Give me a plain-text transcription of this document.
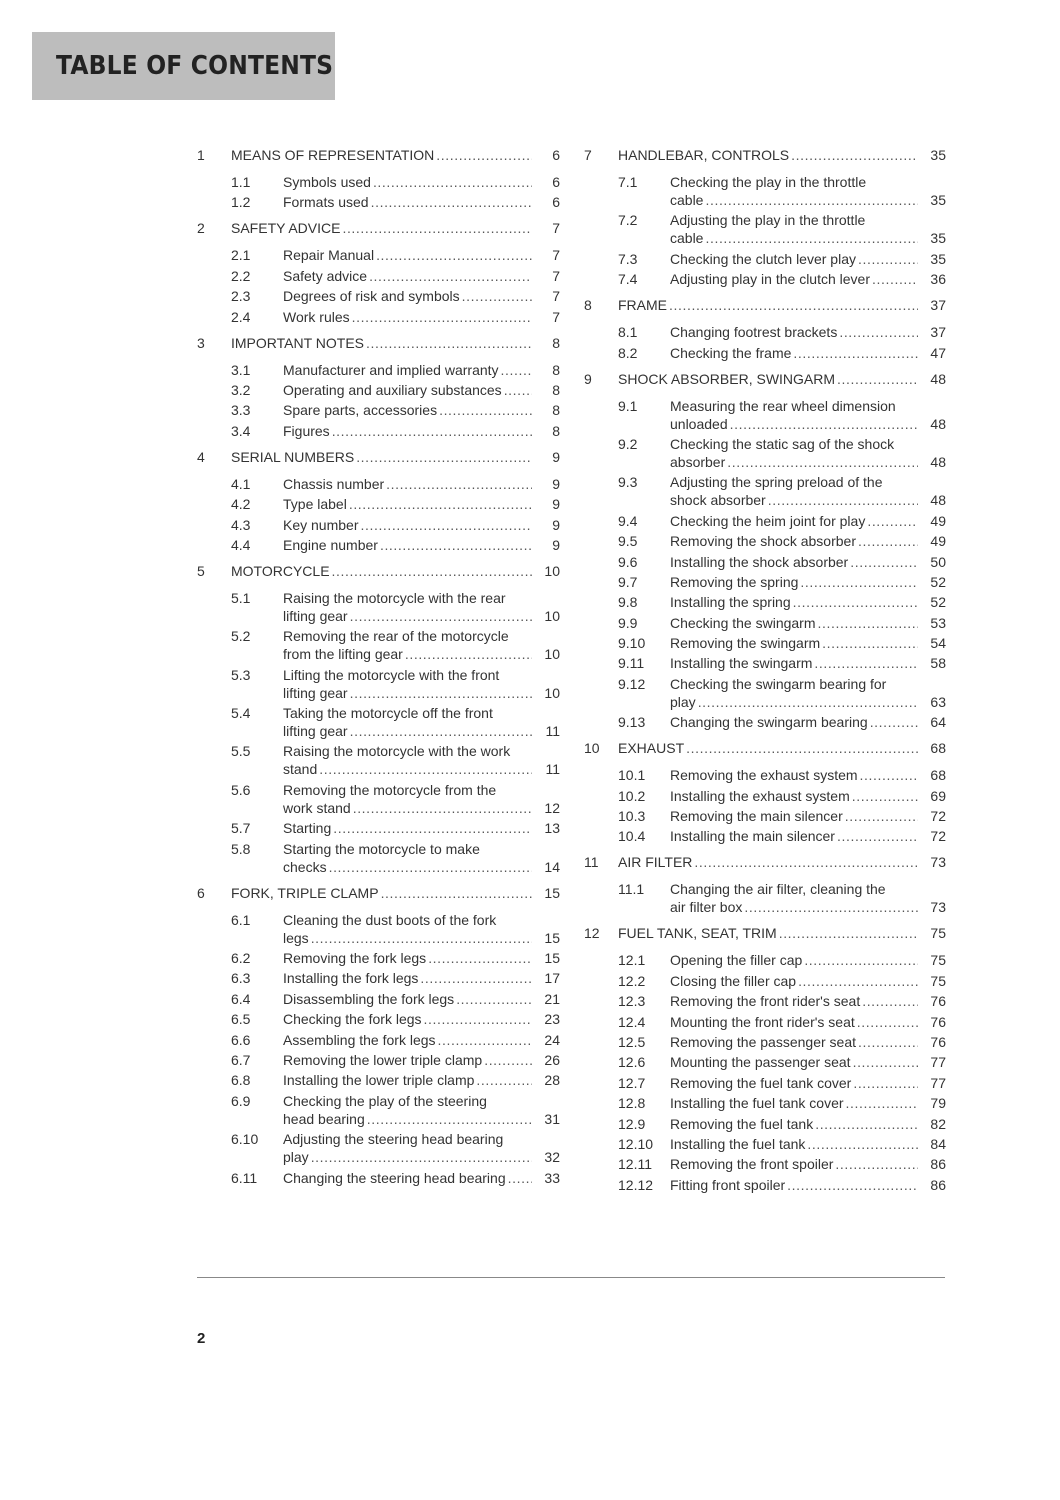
TABLE OF CONTENTS
1	MEANS OF REPRESENTATION .....	6
1.1	Symbols used .....	6
1.2	Formats used .....	6
2	SAFETY ADVICE .....	7
2.1	Repair Manual .....	7
2.2	Safety advice .....	7
2.3	Degrees of risk and symbols .....	7
2.4	Work rules .....	7
3	IMPORTANT NOTES .....	8
3.1	Manufacturer and implied warranty .....	8
3.2	Operating and auxiliary substances .....	8
3.3	Spare parts, accessories .....	8
3.4	Figures .....	8
4	SERIAL NUMBERS .....	9
4.1	Chassis number .....	9
4.2	Type label .....	9
4.3	Key number .....	9
4.4	Engine number .....	9
5	MOTORCYCLE .....	10
5.1	Raising the motorcycle with the rear
lifting gear .....	10
5.2	Removing the rear of the motorcycle
from the lifting gear .....	10
5.3	Lifting the motorcycle with the front
lifting gear .....	10
5.4	Taking the motorcycle off the front
lifting gear .....	11
5.5	Raising the motorcycle with the work
stand .....	11
5.6	Removing the motorcycle from the
work stand .....	12
5.7	Starting .....	13
5.8	Starting the motorcycle to make
checks .....	14
6	FORK, TRIPLE CLAMP .....	15
6.1	Cleaning the dust boots of the fork
legs .....	15
6.2	Removing the fork legs .....	15
6.3	Installing the fork legs .....	17
6.4	Disassembling the fork legs .....	21
6.5	Checking the fork legs .....	23
6.6	Assembling the fork legs .....	24
6.7	Removing the lower triple clamp .....	26
6.8	Installing the lower triple clamp .....	28
6.9	Checking the play of the steering
head bearing .....	31
6.10	Adjusting the steering head bearing
play .....	32
6.11	Changing the steering head bearing .....	33
7	HANDLEBAR, CONTROLS .....	35
7.1	Checking the play in the throttle
cable .....	35
7.2	Adjusting the play in the throttle
cable .....	35
7.3	Checking the clutch lever play .....	35
7.4	Adjusting play in the clutch lever .....	36
8	FRAME .....	37
8.1	Changing footrest brackets .....	37
8.2	Checking the frame .....	47
9	SHOCK ABSORBER, SWINGARM .....	48
9.1	Measuring the rear wheel dimension
unloaded .....	48
9.2	Checking the static sag of the shock
absorber .....	48
9.3	Adjusting the spring preload of the
shock absorber .....	48
9.4	Checking the heim joint for play .....	49
9.5	Removing the shock absorber .....	49
9.6	Installing the shock absorber .....	50
9.7	Removing the spring .....	52
9.8	Installing the spring .....	52
9.9	Checking the swingarm .....	53
9.10	Removing the swingarm .....	54
9.11	Installing the swingarm .....	58
9.12	Checking the swingarm bearing for
play .....	63
9.13	Changing the swingarm bearing .....	64
10	EXHAUST .....	68
10.1	Removing the exhaust system .....	68
10.2	Installing the exhaust system .....	69
10.3	Removing the main silencer .....	72
10.4	Installing the main silencer .....	72
11	AIR FILTER .....	73
11.1	Changing the air filter, cleaning the
air filter box .....	73
12	FUEL TANK, SEAT, TRIM .....	75
12.1	Opening the filler cap .....	75
12.2	Closing the filler cap .....	75
12.3	Removing the front rider's seat .....	76
12.4	Mounting the front rider's seat .....	76
12.5	Removing the passenger seat .....	76
12.6	Mounting the passenger seat .....	77
12.7	Removing the fuel tank cover .....	77
12.8	Installing the fuel tank cover .....	79
12.9	Removing the fuel tank .....	82
12.10	Installing the fuel tank .....	84
12.11	Removing the front spoiler .....	86
12.12	Fitting front spoiler .....	86
2
